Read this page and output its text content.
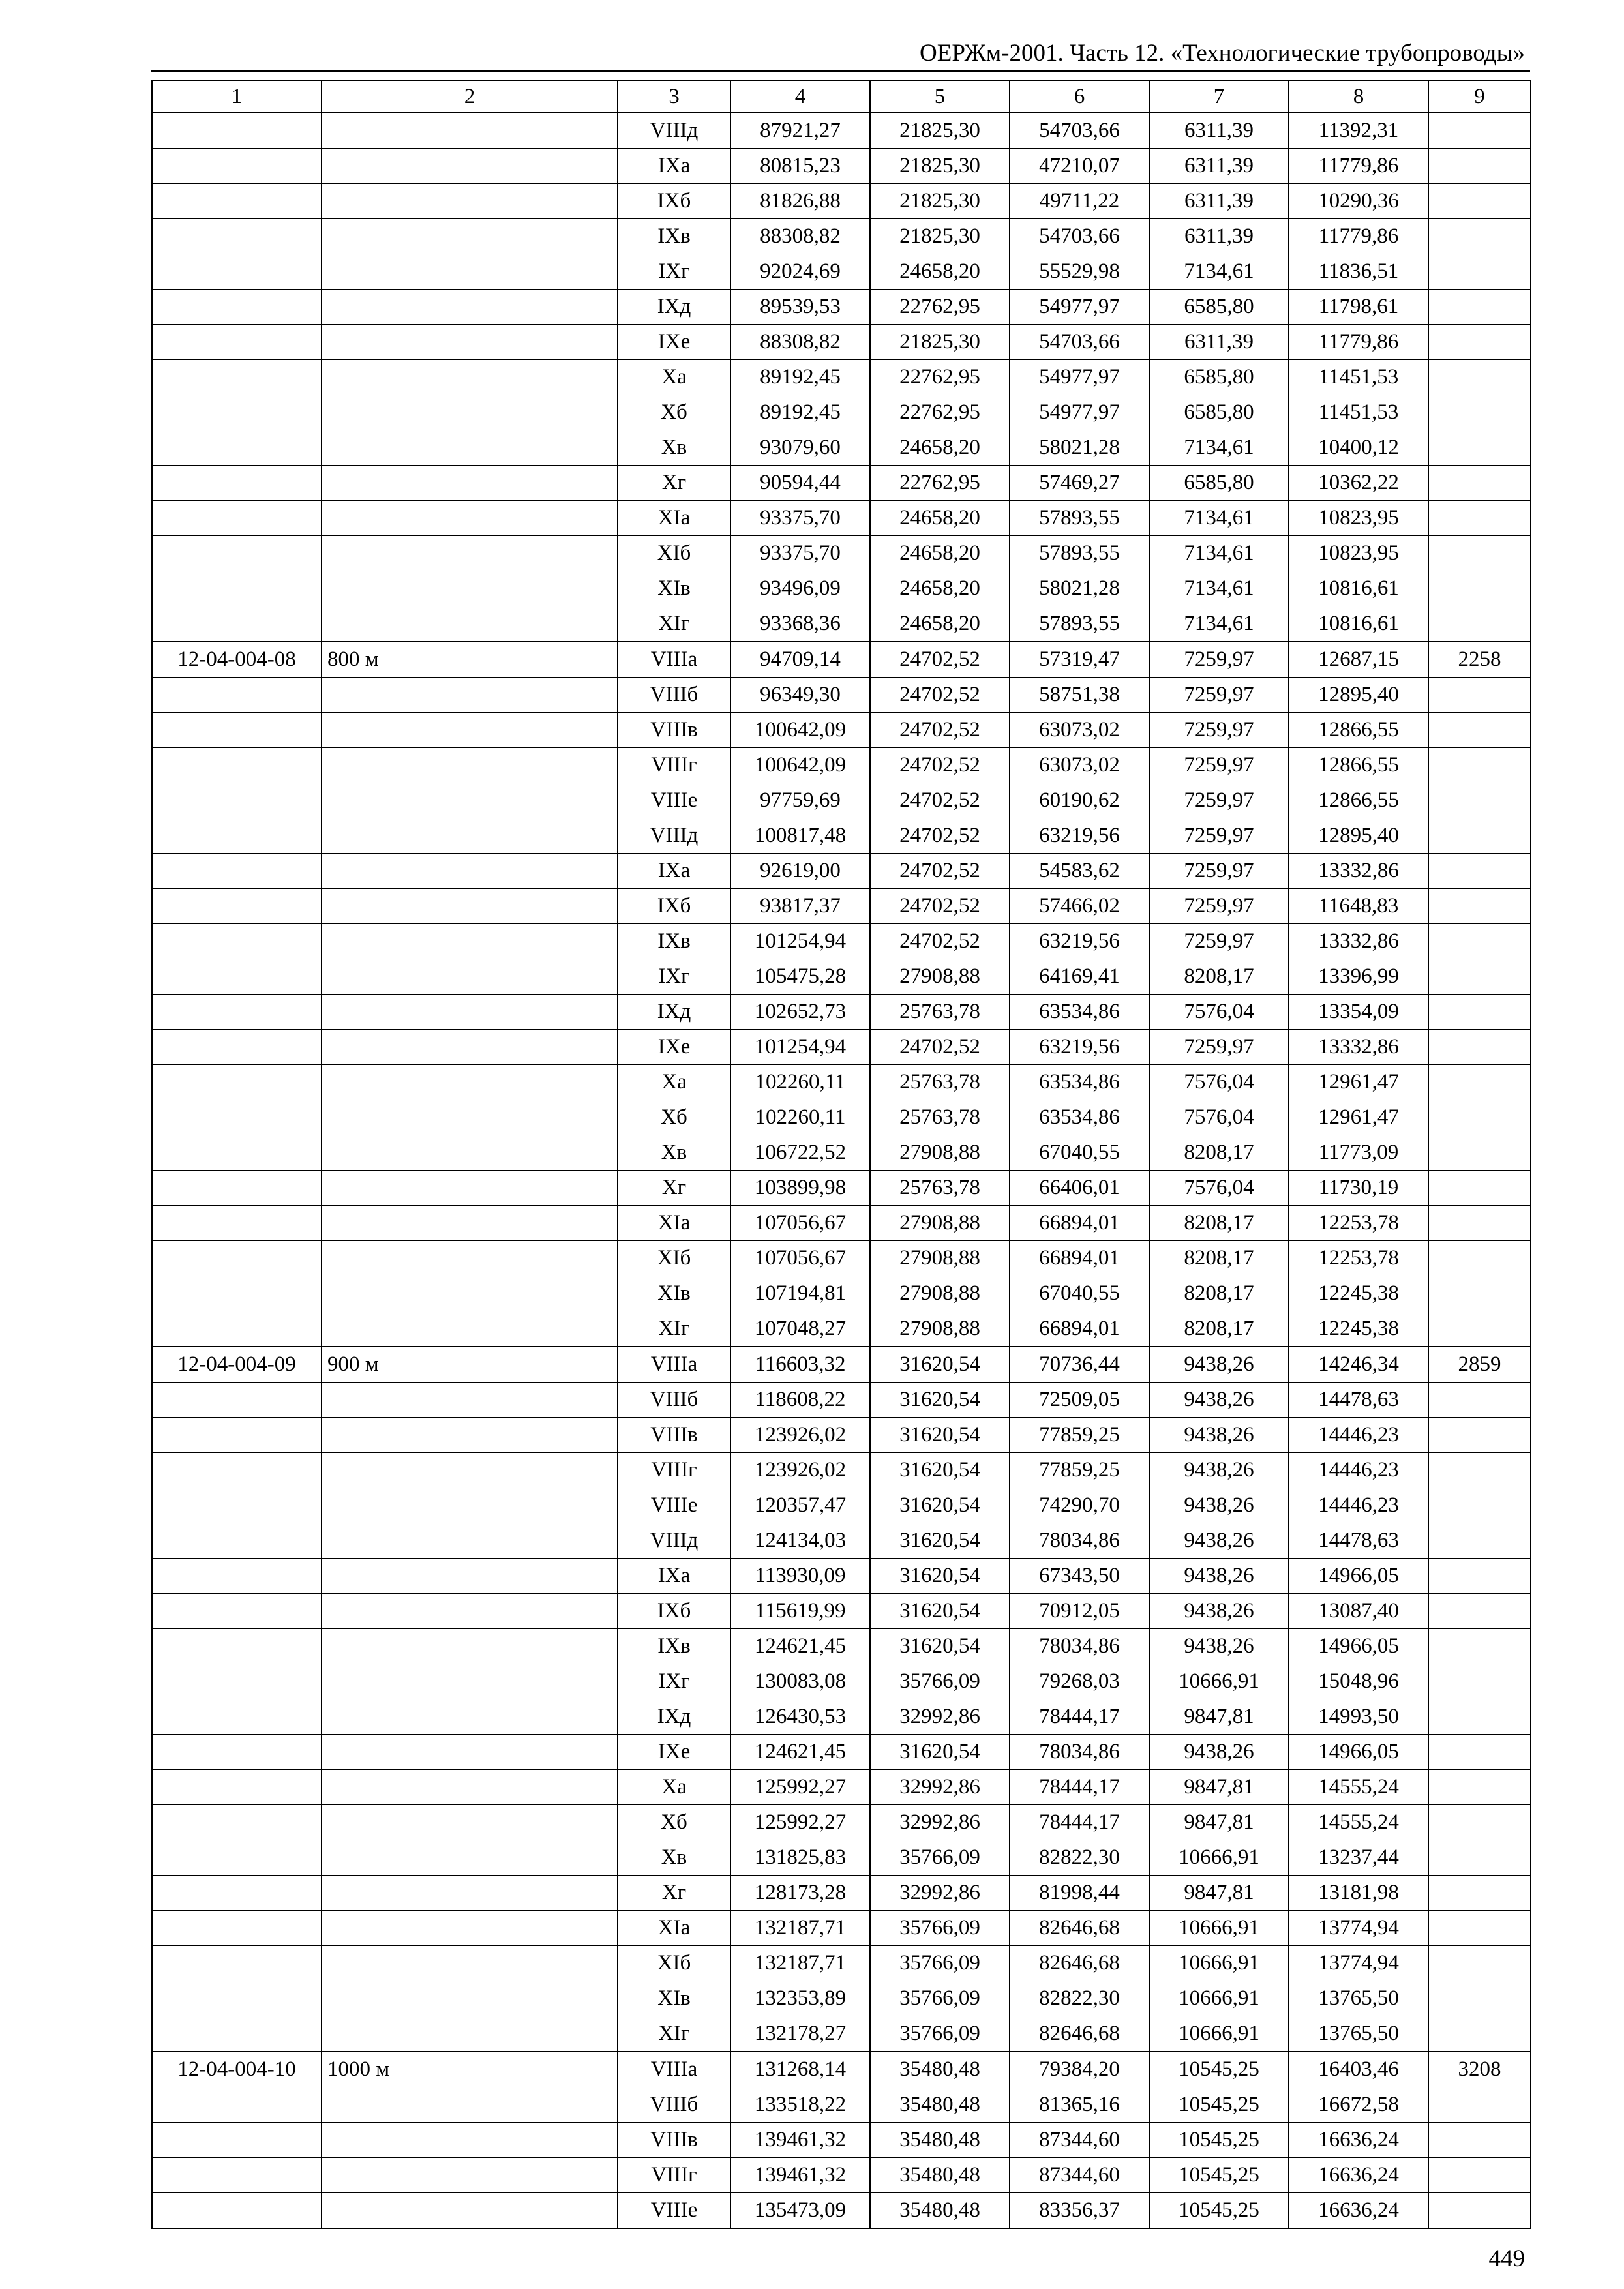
ОЕРЖм-2001. Часть 12. «Технологические трубопроводы»
1	2	3	4	5	6	7	8	9
		VIIIд	87921,27	21825,30	54703,66	6311,39	11392,31	
		IXa	80815,23	21825,30	47210,07	6311,39	11779,86	
		IXб	81826,88	21825,30	49711,22	6311,39	10290,36	
		IXв	88308,82	21825,30	54703,66	6311,39	11779,86	
		IXг	92024,69	24658,20	55529,98	7134,61	11836,51	
		IXд	89539,53	22762,95	54977,97	6585,80	11798,61	
		IXe	88308,82	21825,30	54703,66	6311,39	11779,86	
		Xa	89192,45	22762,95	54977,97	6585,80	11451,53	
		Xб	89192,45	22762,95	54977,97	6585,80	11451,53	
		Xв	93079,60	24658,20	58021,28	7134,61	10400,12	
		Xг	90594,44	22762,95	57469,27	6585,80	10362,22	
		XIa	93375,70	24658,20	57893,55	7134,61	10823,95	
		XIб	93375,70	24658,20	57893,55	7134,61	10823,95	
		XIв	93496,09	24658,20	58021,28	7134,61	10816,61	
		XIг	93368,36	24658,20	57893,55	7134,61	10816,61	
12-04-004-08	800 м	VIIIa	94709,14	24702,52	57319,47	7259,97	12687,15	2258
		VIIIб	96349,30	24702,52	58751,38	7259,97	12895,40	
		VIIIв	100642,09	24702,52	63073,02	7259,97	12866,55	
		VIIIг	100642,09	24702,52	63073,02	7259,97	12866,55	
		VIIIe	97759,69	24702,52	60190,62	7259,97	12866,55	
		VIIIд	100817,48	24702,52	63219,56	7259,97	12895,40	
		IXa	92619,00	24702,52	54583,62	7259,97	13332,86	
		IXб	93817,37	24702,52	57466,02	7259,97	11648,83	
		IXв	101254,94	24702,52	63219,56	7259,97	13332,86	
		IXг	105475,28	27908,88	64169,41	8208,17	13396,99	
		IXд	102652,73	25763,78	63534,86	7576,04	13354,09	
		IXe	101254,94	24702,52	63219,56	7259,97	13332,86	
		Xa	102260,11	25763,78	63534,86	7576,04	12961,47	
		Xб	102260,11	25763,78	63534,86	7576,04	12961,47	
		Xв	106722,52	27908,88	67040,55	8208,17	11773,09	
		Xг	103899,98	25763,78	66406,01	7576,04	11730,19	
		XIa	107056,67	27908,88	66894,01	8208,17	12253,78	
		XIб	107056,67	27908,88	66894,01	8208,17	12253,78	
		XIв	107194,81	27908,88	67040,55	8208,17	12245,38	
		XIг	107048,27	27908,88	66894,01	8208,17	12245,38	
12-04-004-09	900 м	VIIIa	116603,32	31620,54	70736,44	9438,26	14246,34	2859
		VIIIб	118608,22	31620,54	72509,05	9438,26	14478,63	
		VIIIв	123926,02	31620,54	77859,25	9438,26	14446,23	
		VIIIг	123926,02	31620,54	77859,25	9438,26	14446,23	
		VIIIe	120357,47	31620,54	74290,70	9438,26	14446,23	
		VIIIд	124134,03	31620,54	78034,86	9438,26	14478,63	
		IXa	113930,09	31620,54	67343,50	9438,26	14966,05	
		IXб	115619,99	31620,54	70912,05	9438,26	13087,40	
		IXв	124621,45	31620,54	78034,86	9438,26	14966,05	
		IXг	130083,08	35766,09	79268,03	10666,91	15048,96	
		IXд	126430,53	32992,86	78444,17	9847,81	14993,50	
		IXe	124621,45	31620,54	78034,86	9438,26	14966,05	
		Xa	125992,27	32992,86	78444,17	9847,81	14555,24	
		Xб	125992,27	32992,86	78444,17	9847,81	14555,24	
		Xв	131825,83	35766,09	82822,30	10666,91	13237,44	
		Xг	128173,28	32992,86	81998,44	9847,81	13181,98	
		XIa	132187,71	35766,09	82646,68	10666,91	13774,94	
		XIб	132187,71	35766,09	82646,68	10666,91	13774,94	
		XIв	132353,89	35766,09	82822,30	10666,91	13765,50	
		XIг	132178,27	35766,09	82646,68	10666,91	13765,50	
12-04-004-10	1000 м	VIIIa	131268,14	35480,48	79384,20	10545,25	16403,46	3208
		VIIIб	133518,22	35480,48	81365,16	10545,25	16672,58	
		VIIIв	139461,32	35480,48	87344,60	10545,25	16636,24	
		VIIIг	139461,32	35480,48	87344,60	10545,25	16636,24	
		VIIIe	135473,09	35480,48	83356,37	10545,25	16636,24	
449
